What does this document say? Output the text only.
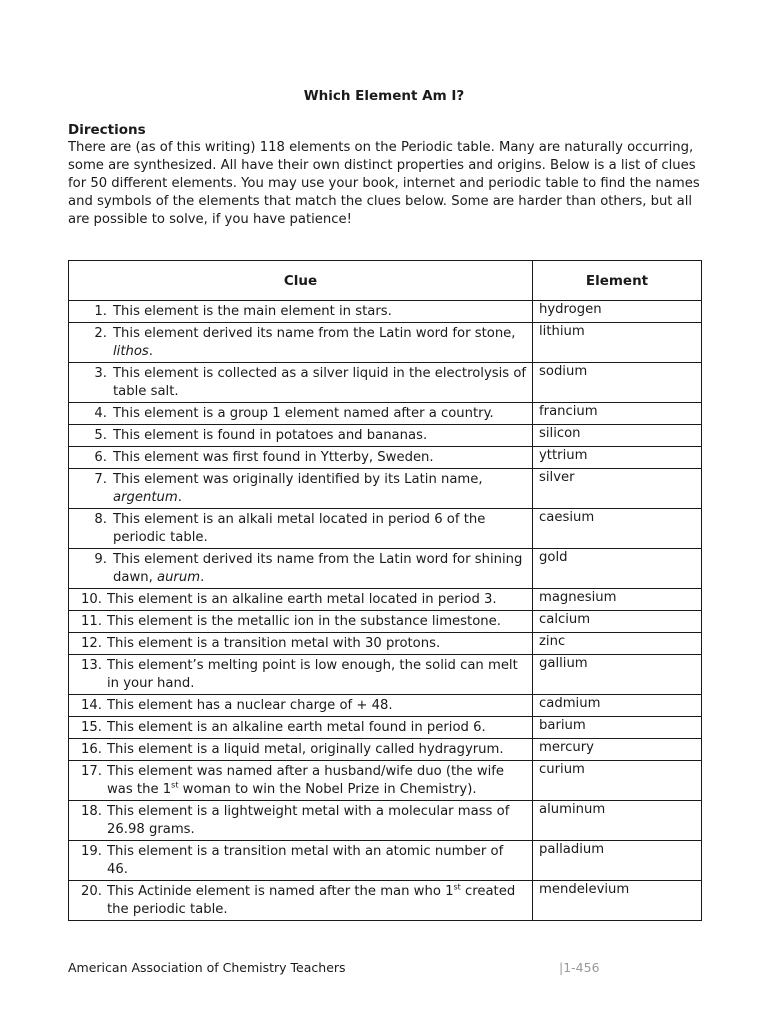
Which Element Am I?
Directions
There are (as of this writing) 118 elements on the Periodic table. Many are naturally occurring, some are synthesized. All have their own distinct properties and origins. Below is a list of clues for 50 different elements. You may use your book, internet and periodic table to find the names and symbols of the elements that match the clues below. Some are harder than others, but all are possible to solve, if you have patience!
Clue	Element

1. This element is the main element in stars.	hydrogen

2. This element derived its name from the Latin word for stone, lithos.	lithium

3. This element is collected as a silver liquid in the electrolysis of table salt.	sodium

4. This element is a group 1 element named after a country.	francium

5. This element is found in potatoes and bananas.	silicon

6. This element was first found in Ytterby, Sweden.	yttrium

7. This element was originally identified by its Latin name, argentum.	silver

8. This element is an alkali metal located in period 6 of the periodic table.	caesium

9. This element derived its name from the Latin word for shining dawn, aurum.	gold

10. This element is an alkaline earth metal located in period 3.	magnesium

11. This element is the metallic ion in the substance limestone.	calcium

12. This element is a transition metal with 30 protons.	zinc

13. This element’s melting point is low enough, the solid can melt in your hand.	gallium

14. This element has a nuclear charge of + 48.	cadmium

15. This element is an alkaline earth metal found in period 6.	barium

16. This element is a liquid metal, originally called hydragyrum.	mercury

17. This element was named after a husband/wife duo (the wife was the 1st woman to win the Nobel Prize in Chemistry).	curium

18. This element is a lightweight metal with a molecular mass of 26.98 grams.	aluminum

19. This element is a transition metal with an atomic number of 46.	palladium

20. This Actinide element is named after the man who 1st created the periodic table.	mendelevium
American Association of Chemistry Teachers	|1-456
